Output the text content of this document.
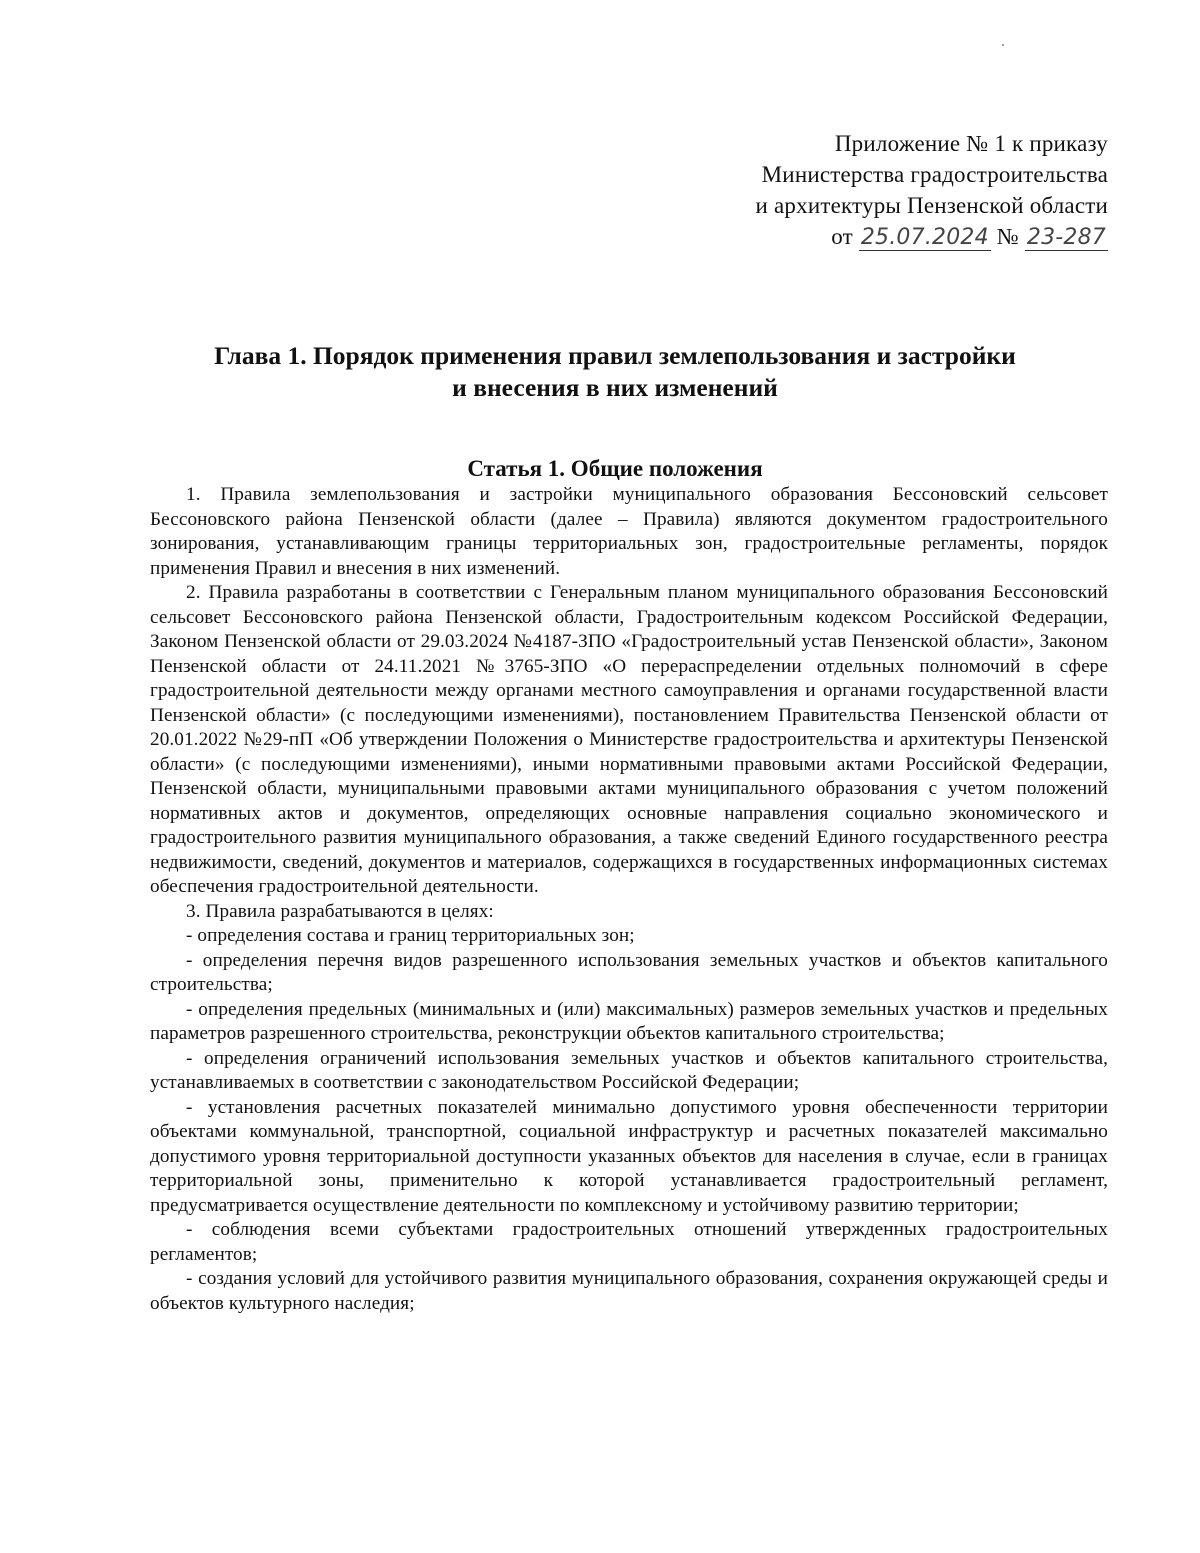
Приложение № 1 к приказу
Министерства градостроительства
и архитектуры Пензенской области
от 25.07.2024 № 23-287
Глава 1. Порядок применения правил землепользования и застройки
и внесения в них изменений
Статья 1. Общие положения

1. Правила землепользования и застройки муниципального образования Бессоновский сельсовет Бессоновского района Пензенской области (далее – Правила) являются документом градостроительного зонирования, устанавливающим границы территориальных зон, градостроительные регламенты, порядок применения Правил и внесения в них изменений.

2. Правила разработаны в соответствии с Генеральным планом муниципального образования Бессоновский сельсовет Бессоновского района Пензенской области, Градостроительным кодексом Российской Федерации, Законом Пензенской области от 29.03.2024 №4187-ЗПО «Градостроительный устав Пензенской области», Законом Пензенской области от 24.11.2021 №3765-ЗПО «О перераспределении отдельных полномочий в сфере градостроительной деятельности между органами местного самоуправления и органами государственной власти Пензенской области» (с последующими изменениями), постановлением Правительства Пензенской области от 20.01.2022 №29-пП «Об утверждении Положения о Министерстве градостроительства и архитектуры Пензенской области» (с последующими изменениями), иными нормативными правовыми актами Российской Федерации, Пензенской области, муниципальными правовыми актами муниципального образования с учетом положений нормативных актов и документов, определяющих основные направления социально экономического и градостроительного развития муниципального образования, а также сведений Единого государственного реестра недвижимости, сведений, документов и материалов, содержащихся в государственных информационных системах обеспечения градостроительной деятельности.

3. Правила разрабатываются в целях:

- определения состава и границ территориальных зон;

- определения перечня видов разрешенного использования земельных участков и объектов капитального строительства;

- определения предельных (минимальных и (или) максимальных) размеров земельных участков и предельных параметров разрешенного строительства, реконструкции объектов капитального строительства;

- определения ограничений использования земельных участков и объектов капитального строительства, устанавливаемых в соответствии с законодательством Российской Федерации;

- установления расчетных показателей минимально допустимого уровня обеспеченности территории объектами коммунальной, транспортной, социальной инфраструктур и расчетных показателей максимально допустимого уровня территориальной доступности указанных объектов для населения в случае, если в границах территориальной зоны, применительно к которой устанавливается градостроительный регламент, предусматривается осуществление деятельности по комплексному и устойчивому развитию территории;

- соблюдения всеми субъектами градостроительных отношений утвержденных градостроительных регламентов;

- создания условий для устойчивого развития муниципального образования, сохранения окружающей среды и объектов культурного наследия;
